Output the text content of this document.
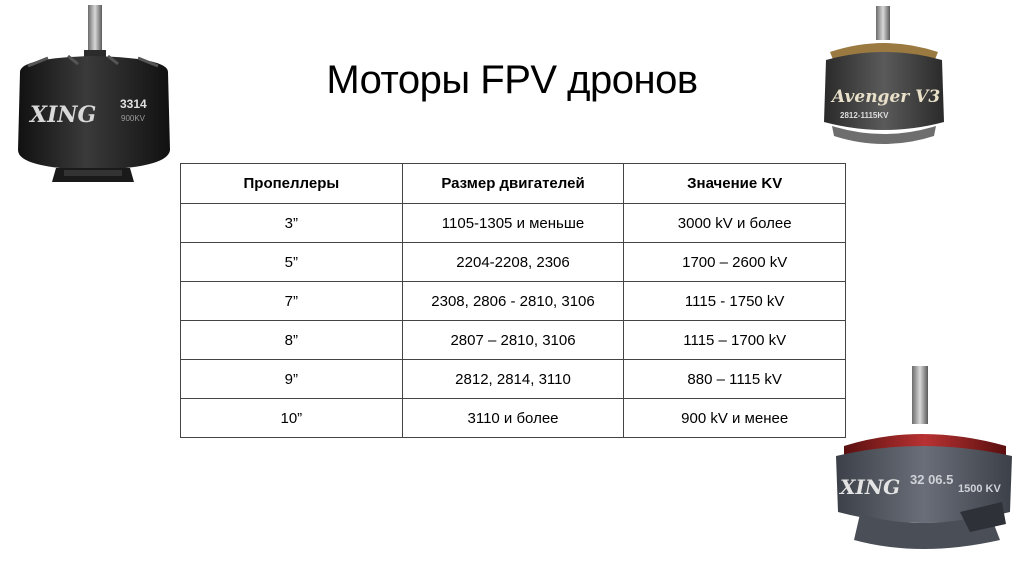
Моторы FPV дронов
XING 3314
900KV
Avenger V3
2812-1115KV
XING 32 06.5
1500 KV
Пропеллеры	Размер двигателей	Значение KV
3”	1105-1305 и меньше	3000 kV и более
5”	2204-2208, 2306	1700 – 2600 kV
7”	2308, 2806 - 2810, 3106	1115 - 1750 kV
8”	2807 – 2810, 3106	1115 – 1700 kV
9”	2812, 2814, 3110	880 – 1115 kV
10”	3110 и более	900 kV и менее
